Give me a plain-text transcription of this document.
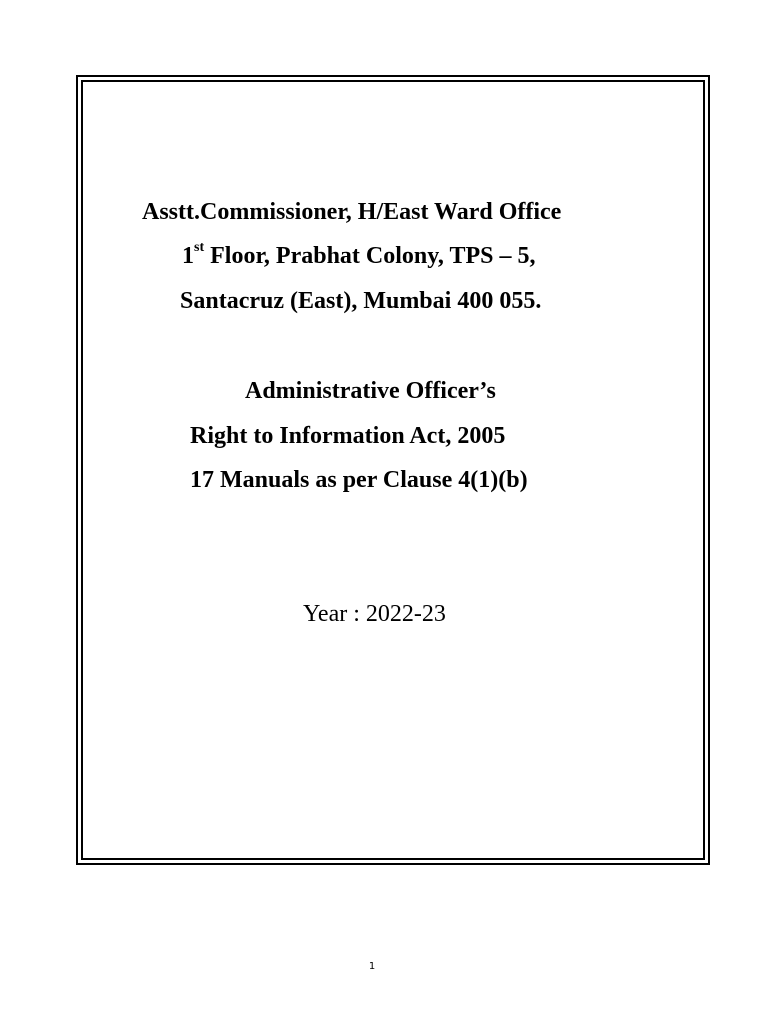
Asstt.Commissioner, H/East Ward Office
1st Floor, Prabhat Colony, TPS – 5,
Santacruz (East), Mumbai 400 055.
Administrative Officer’s
Right to Information Act, 2005
17 Manuals as per Clause 4(1)(b)
Year : 2022-23
1
